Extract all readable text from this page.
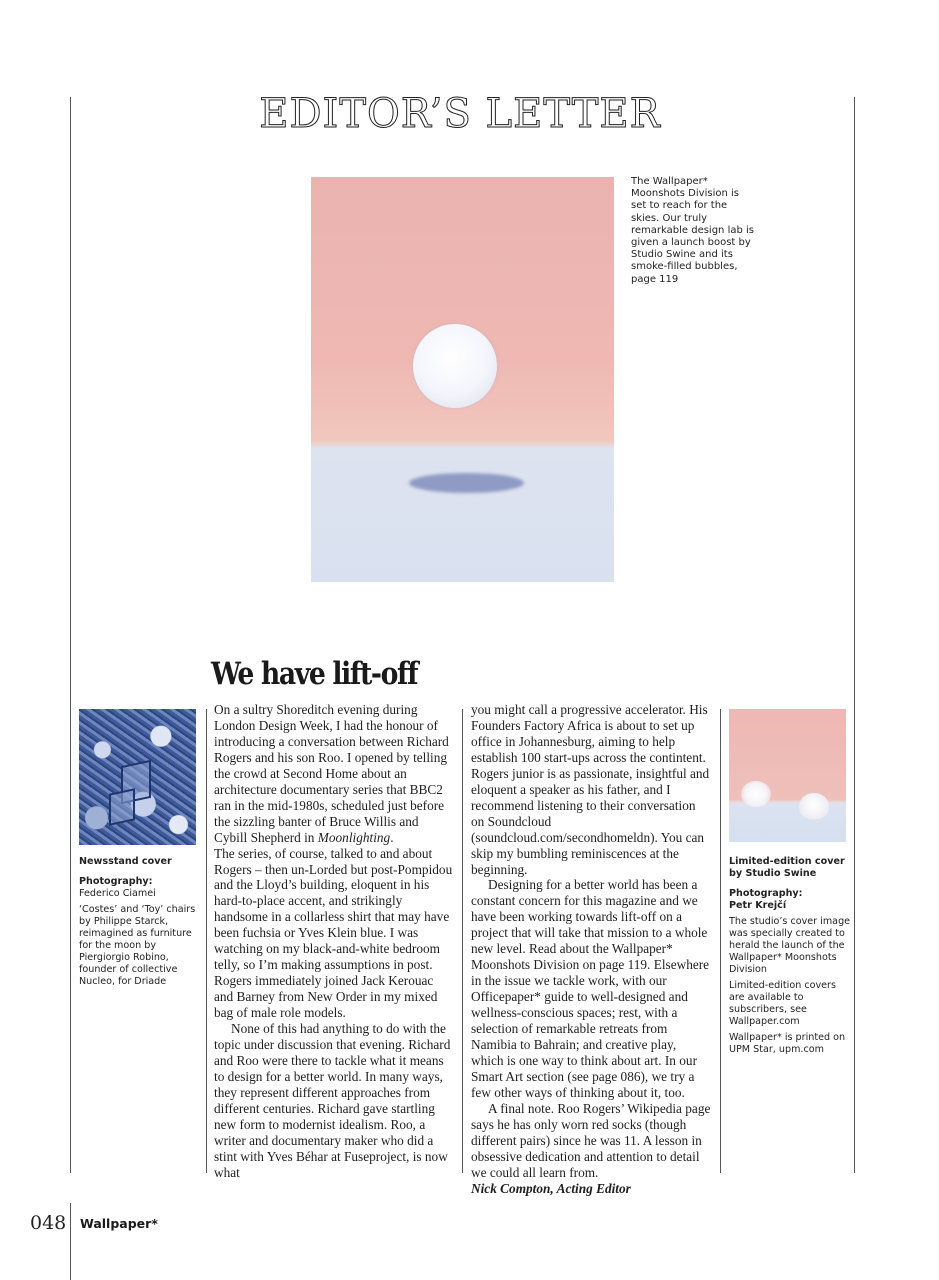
EDITOR’S LETTER
The Wallpaper* Moonshots Division is set to reach for the skies. Our truly remarkable design lab is given a launch boost by Studio Swine and its smoke-filled bubbles, page 119
We have lift-off

On a sultry Shoreditch evening during London Design Week, I had the honour of introducing a conversation between Richard Rogers and his son Roo. I opened by telling the crowd at Second Home about an architecture documentary series that BBC2 ran in the mid-1980s, scheduled just before the sizzling banter of Bruce Willis and Cybill Shepherd in Moonlighting.

The series, of course, talked to and about Rogers – then un-Lorded but post-Pompidou and the Lloyd’s building, eloquent in his hard-to-place accent, and strikingly handsome in a collarless shirt that may have been fuchsia or Yves Klein blue. I was watching on my black-and-white bedroom telly, so I’m making assumptions in post. Rogers immediately joined Jack Kerouac and Barney from New Order in my mixed bag of male role models.

None of this had anything to do with the topic under discussion that evening. Richard and Roo were there to tackle what it means to design for a better world. In many ways, they represent different approaches from different centuries. Richard gave startling new form to modernist idealism. Roo, a writer and documentary maker who did a stint with Yves Béhar at Fuseproject, is now what

you might call a progressive accelerator. His Founders Factory Africa is about to set up office in Johannesburg, aiming to help establish 100 start-ups across the contintent. Rogers junior is as passionate, insightful and eloquent a speaker as his father, and I recommend listening to their conversation on Soundcloud (soundcloud.com/secondhomeldn). You can skip my bumbling reminiscences at the beginning.

Designing for a better world has been a constant concern for this magazine and we have been working towards lift-off on a project that will take that mission to a whole new level. Read about the Wallpaper* Moonshots Division on page 119. Elsewhere in the issue we tackle work, with our Officepaper* guide to well-designed and wellness-conscious spaces; rest, with a selection of remarkable retreats from Namibia to Bahrain; and creative play, which is one way to think about art. In our Smart Art section (see page 086), we try a few other ways of thinking about it, too.

A final note. Roo Rogers’ Wikipedia page says he has only worn red socks (though different pairs) since he was 11. A lesson in obsessive dedication and attention to detail we could all learn from.

Nick Compton, Acting Editor

Newsstand cover

Photography:

Federico Ciamei

‘Costes’ and ‘Toy’ chairs by Philippe Starck, reimagined as furniture for the moon by Piergiorgio Robino, founder of collective Nucleo, for Driade

Limited-edition cover by Studio Swine

Photography:

Petr Krejčí

The studio’s cover image was specially created to herald the launch of the Wallpaper* Moonshots Division

Limited-edition covers are available to subscribers, see Wallpaper.com

Wallpaper* is printed on UPM Star, upm.com

048 Wallpaper*
